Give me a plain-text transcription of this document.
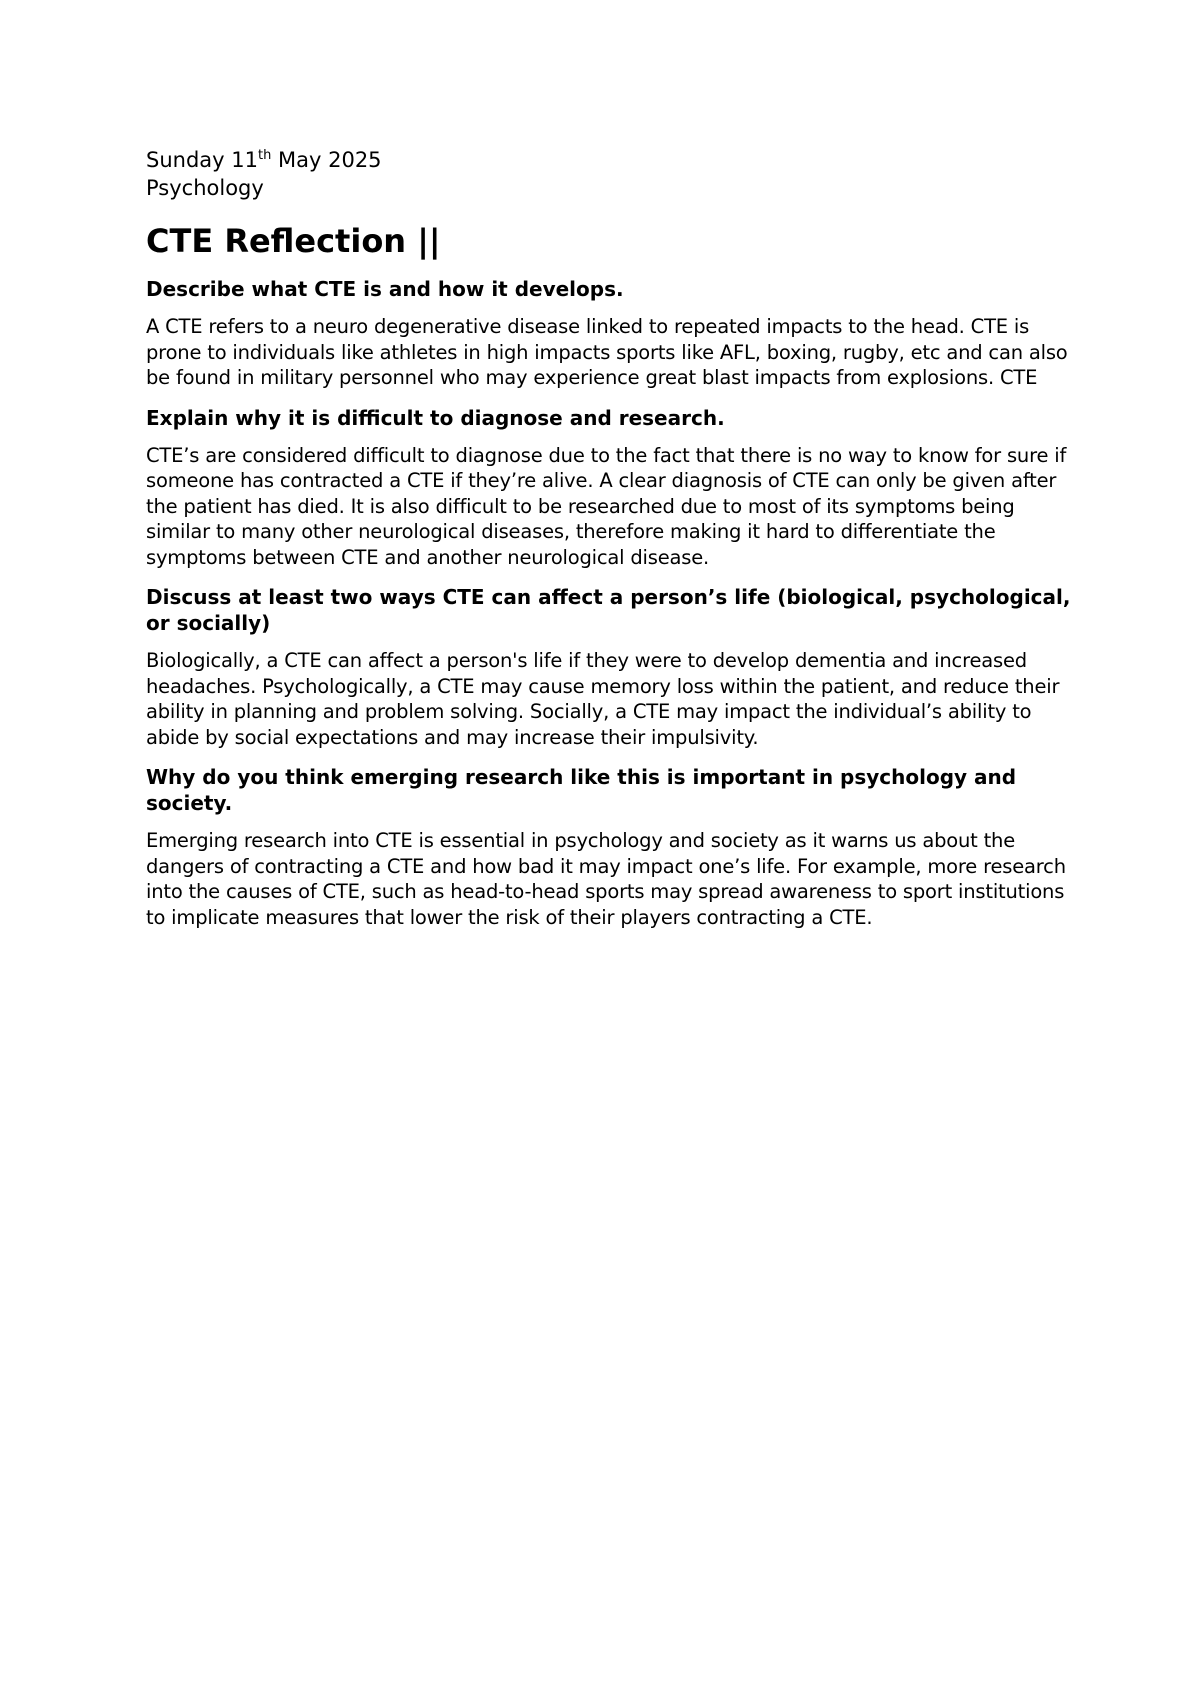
Sunday 11th May 2025

Psychology

CTE Reflection ||

Describe what CTE is and how it develops.

A CTE refers to a neuro degenerative disease linked to repeated impacts to the head. CTE is prone to individuals like athletes in high impacts sports like AFL, boxing, rugby, etc and can also be found in military personnel who may experience great blast impacts from explosions. CTE

Explain why it is difficult to diagnose and research.

CTE’s are considered difficult to diagnose due to the fact that there is no way to know for sure if someone has contracted a CTE if they’re alive. A clear diagnosis of CTE can only be given after the patient has died. It is also difficult to be researched due to most of its symptoms being similar to many other neurological diseases, therefore making it hard to differentiate the symptoms between CTE and another neurological disease.

Discuss at least two ways CTE can affect a person’s life (biological, psychological, or socially)

Biologically, a CTE can affect a person's life if they were to develop dementia and increased headaches. Psychologically, a CTE may cause memory loss within the patient, and reduce their ability in planning and problem solving. Socially, a CTE may impact the individual’s ability to abide by social expectations and may increase their impulsivity.

Why do you think emerging research like this is important in psychology and society.

Emerging research into CTE is essential in psychology and society as it warns us about the dangers of contracting a CTE and how bad it may impact one’s life. For example, more research into the causes of CTE, such as head-to-head sports may spread awareness to sport institutions to implicate measures that lower the risk of their players contracting a CTE.
